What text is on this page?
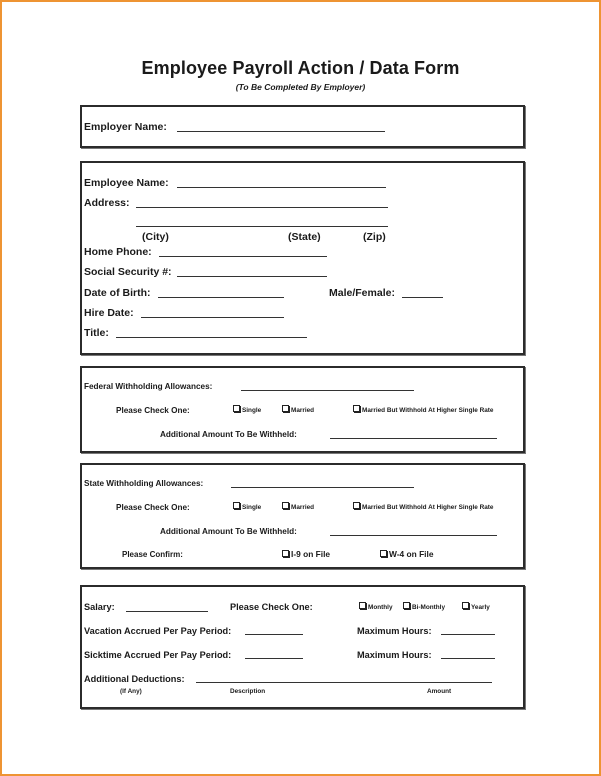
Employee Payroll Action / Data Form
(To Be Completed By Employer)
Employer Name:
Employee Name:
Address:
(City)	(State)	(Zip)
Home Phone:
Social Security #:
Date of Birth:	Male/Female:
Hire Date:
Title:
Federal Withholding Allowances:
Please Check One:	Single	Married	Married But Withhold At Higher Single Rate
Additional Amount To Be Withheld:
State Withholding Allowances:
Please Check One:	Single	Married	Married But Withhold At Higher Single Rate
Additional Amount To Be Withheld:
Please Confirm:	I-9 on File	W-4 on File
Salary:	Please Check One:	Monthly	Bi-Monthly	Yearly
Vacation Accrued Per Pay Period:	Maximum Hours:
Sicktime Accrued Per Pay Period:	Maximum Hours:
Additional Deductions:
(If Any)	Description	Amount
